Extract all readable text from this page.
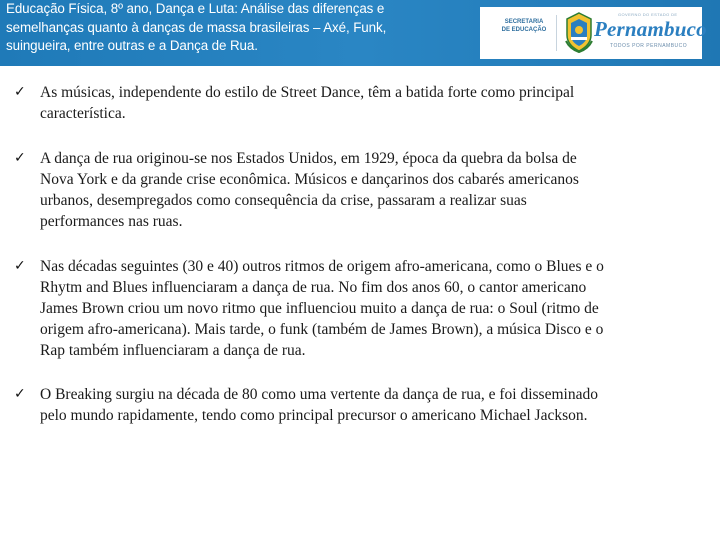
Educação Física, 8º ano, Dança e Luta: Análise das diferenças e
semelhanças quanto à danças de massa brasileiras – Axé, Funk,
suingueira, entre outras e a Dança de Rua.
SECRETARIA
DE EDUCAÇÃO
GOVERNO DO ESTADO DE
Pernambuco
TODOS POR PERNAMBUCO
✓ As músicas, independente do estilo de Street Dance, têm a batida forte como principal
característica.
✓ A dança de rua originou-se nos Estados Unidos, em 1929, época da quebra da bolsa de
Nova York e da grande crise econômica. Músicos e dançarinos dos cabarés americanos
urbanos, desempregados como consequência da crise, passaram a realizar suas
performances nas ruas.
✓ Nas décadas seguintes (30 e 40) outros ritmos de origem afro-americana, como o Blues e o
Rhytm and Blues influenciaram a dança de rua. No fim dos anos 60, o cantor americano
James Brown criou um novo ritmo que influenciou muito a dança de rua: o Soul (ritmo de
origem afro-americana). Mais tarde, o funk (também de James Brown), a música Disco e o
Rap também influenciaram a dança de rua.
✓ O Breaking surgiu na década de 80 como uma vertente da dança de rua, e foi disseminado
pelo mundo rapidamente, tendo como principal precursor o americano Michael Jackson.
